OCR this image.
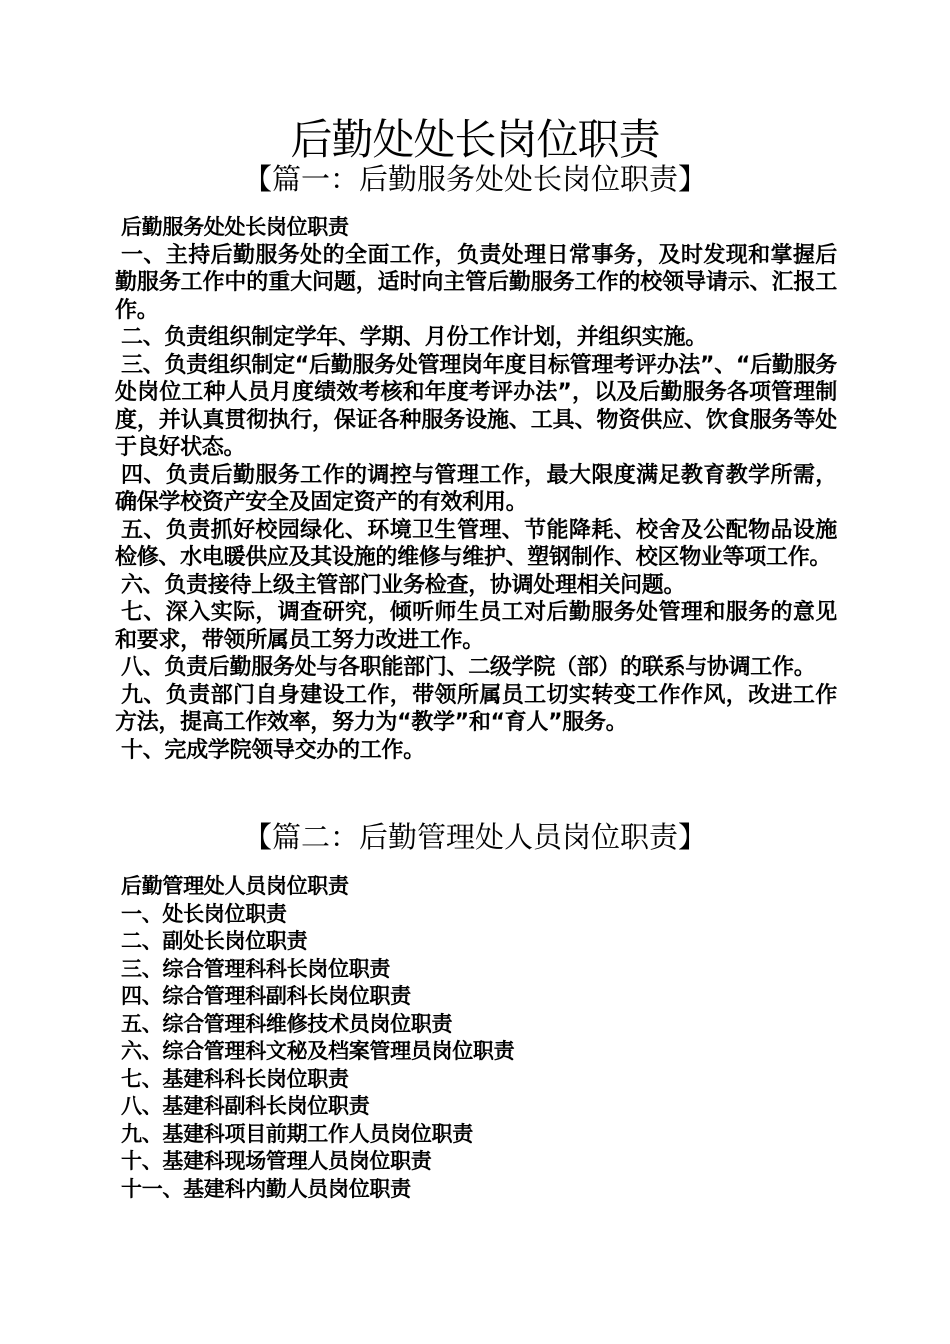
后勤处处长岗位职责
【篇一：后勤服务处处长岗位职责】
后勤服务处处长岗位职责
一、主持后勤服务处的全面工作，负责处理日常事务，及时发现和掌握后勤服务工作中的重大问题，适时向主管后勤服务工作的校领导请示、汇报工作。
二、负责组织制定学年、学期、月份工作计划，并组织实施。
三、负责组织制定“后勤服务处管理岗年度目标管理考评办法”、“后勤服务处岗位工种人员月度绩效考核和年度考评办法”，以及后勤服务各项管理制度，并认真贯彻执行，保证各种服务设施、工具、物资供应、饮食服务等处于良好状态。
四、负责后勤服务工作的调控与管理工作，最大限度满足教育教学所需，确保学校资产安全及固定资产的有效利用。
五、负责抓好校园绿化、环境卫生管理、节能降耗、校舍及公配物品设施检修、水电暖供应及其设施的维修与维护、塑钢制作、校区物业等项工作。
六、负责接待上级主管部门业务检查，协调处理相关问题。
七、深入实际，调查研究，倾听师生员工对后勤服务处管理和服务的意见和要求，带领所属员工努力改进工作。
八、负责后勤服务处与各职能部门、二级学院（部）的联系与协调工作。
九、负责部门自身建设工作，带领所属员工切实转变工作作风，改进工作方法，提高工作效率，努力为“教学”和“育人”服务。
十、完成学院领导交办的工作。
【篇二：后勤管理处人员岗位职责】
后勤管理处人员岗位职责
一、处长岗位职责
二、副处长岗位职责
三、综合管理科科长岗位职责
四、综合管理科副科长岗位职责
五、综合管理科维修技术员岗位职责
六、综合管理科文秘及档案管理员岗位职责
七、基建科科长岗位职责
八、基建科副科长岗位职责
九、基建科项目前期工作人员岗位职责
十、基建科现场管理人员岗位职责
十一、基建科内勤人员岗位职责
